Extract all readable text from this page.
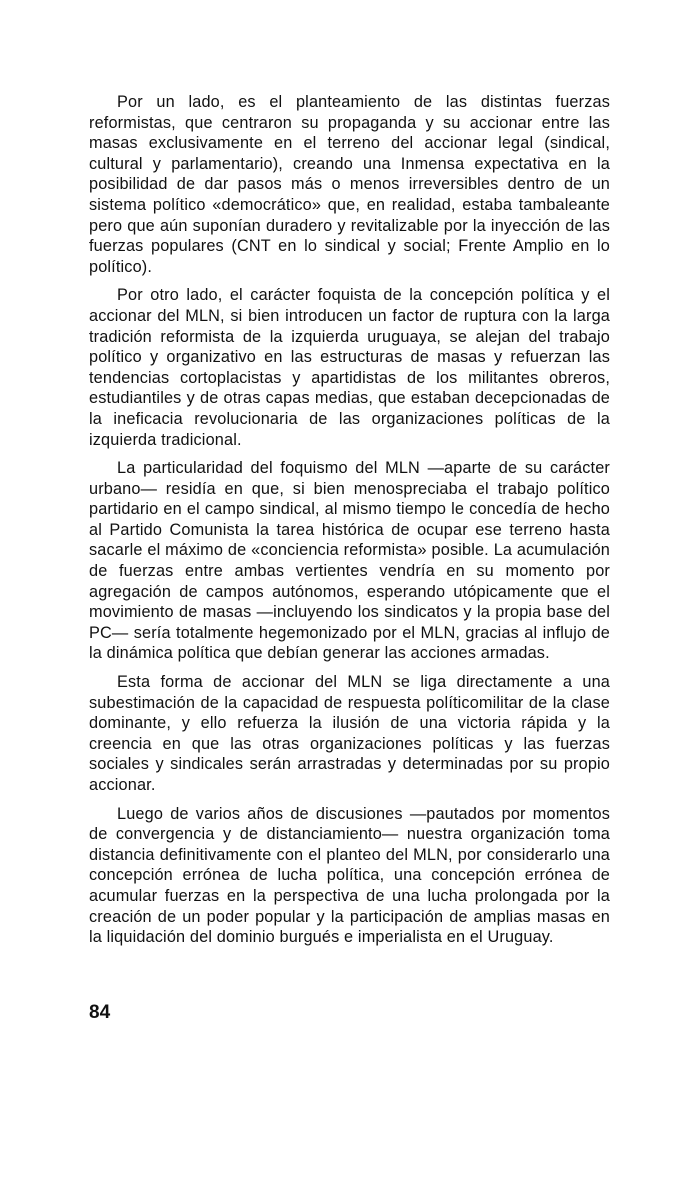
Por un lado, es el planteamiento de las distintas fuerzas reformistas, que centraron su propaganda y su accionar entre las masas exclusivamente en el terreno del accionar legal (sindical, cultural y parlamentario), creando una Inmensa expectativa en la posibilidad de dar pasos más o menos irreversibles dentro de un sistema político «democrático» que, en realidad, estaba tambaleante pero que aún suponían duradero y revitalizable por la inyección de las fuerzas populares (CNT en lo sindical y social; Frente Amplio en lo político).

Por otro lado, el carácter foquista de la concepción política y el accionar del MLN, si bien introducen un factor de ruptura con la larga tradición reformista de la izquierda uruguaya, se alejan del trabajo político y organizativo en las estructuras de masas y refuerzan las tendencias cortoplacistas y apartidistas de los militantes obreros, estudiantiles y de otras capas medias, que estaban decepcionadas de la ineficacia revolucionaria de las organizaciones políticas de la izquierda tradicional.

La particularidad del foquismo del MLN —aparte de su carácter urbano— residía en que, si bien menospreciaba el trabajo político partidario en el campo sindical, al mismo tiempo le concedía de hecho al Partido Comunista la tarea histórica de ocupar ese terreno hasta sacarle el máximo de «conciencia reformista» posible. La acumulación de fuerzas entre ambas vertientes vendría en su momento por agregación de campos autónomos, esperando utópicamente que el movimiento de masas —incluyendo los sindicatos y la propia base del PC— sería totalmente hegemonizado por el MLN, gracias al influjo de la dinámica política que debían generar las acciones armadas.

Esta forma de accionar del MLN se liga directamente a una subestimación de la capacidad de respuesta políticomilitar de la clase dominante, y ello refuerza la ilusión de una victoria rápida y la creencia en que las otras organizaciones políticas y las fuerzas sociales y sindicales serán arrastradas y determinadas por su propio accionar.

Luego de varios años de discusiones —pautados por momentos de convergencia y de distanciamiento— nuestra organización toma distancia definitivamente con el planteo del MLN, por considerarlo una concepción errónea de lucha política, una concepción errónea de acumular fuerzas en la perspectiva de una lucha prolongada por la creación de un poder popular y la participación de amplias masas en la liquidación del dominio burgués e imperialista en el Uruguay.

84
